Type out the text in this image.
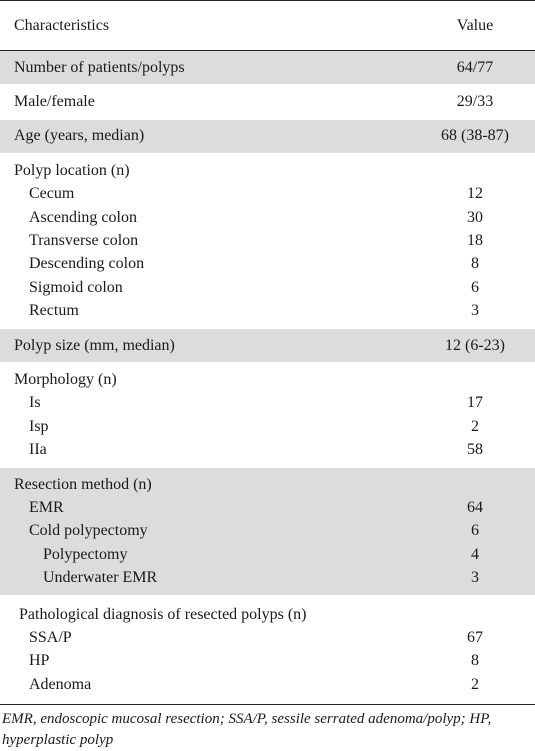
Characteristics	Value
Number of patients/polyps	64/77
Male/female	29/33
Age (years, median)	68 (38-87)
Polyp location (n)
Cecum	12
Ascending colon	30
Transverse colon	18
Descending colon	8
Sigmoid colon	6
Rectum	3
Polyp size (mm, median)	12 (6-23)
Morphology (n)
Is	17
Isp	2
IIa	58
Resection method (n)
EMR	64
Cold polypectomy	6
Polypectomy	4
Underwater EMR	3
Pathological diagnosis of resected polyps (n)
SSA/P	67
HP	8
Adenoma	2
EMR, endoscopic mucosal resection; SSA/P, sessile serrated adenoma/polyp; HP, hyperplastic polyp
